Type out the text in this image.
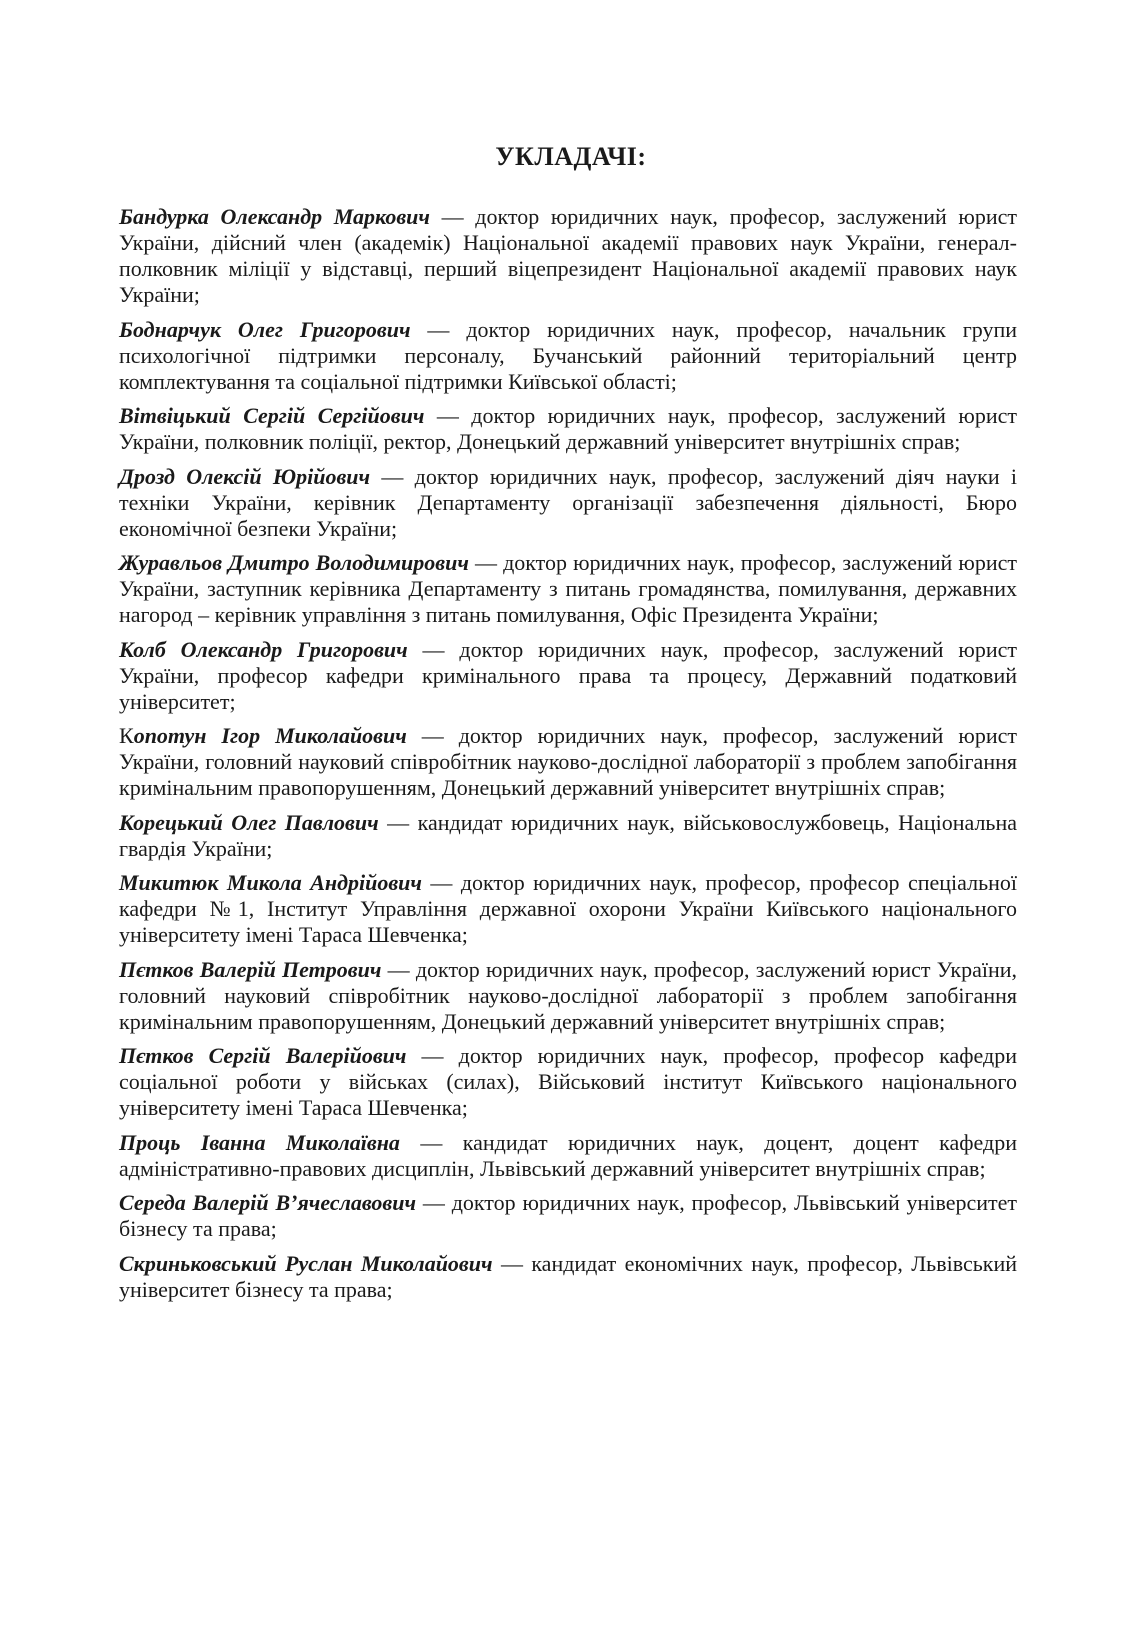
УКЛАДАЧІ:

Бандурка Олександр Маркович — доктор юридичних наук, професор, заслужений юрист України, дійсний член (академік) Національної академії правових наук України, генерал-полковник міліції у відставці, перший віцепрезидент Національної академії правових наук України;

Боднарчук Олег Григорович — доктор юридичних наук, професор, начальник групи психологічної підтримки персоналу, Бучанський районний територіальний центр комплектування та соціальної підтримки Київської області;

Вітвіцький Сергій Сергійович — доктор юридичних наук, професор, заслужений юрист України, полковник поліції, ректор, Донецький державний університет внутрішніх справ;

Дрозд Олексій Юрійович — доктор юридичних наук, професор, заслужений діяч науки і техніки України, керівник Департаменту організації забезпечення діяльності, Бюро економічної безпеки України;

Журавльов Дмитро Володимирович — доктор юридичних наук, професор, заслужений юрист України, заступник керівника Департаменту з питань громадянства, помилування, державних нагород – керівник управління з питань помилування, Офіс Президента України;

Колб Олександр Григорович — доктор юридичних наук, професор, заслужений юрист України, професор кафедри кримінального права та процесу, Державний податковий університет;

Копотун Ігор Миколайович — доктор юридичних наук, професор, заслужений юрист України, головний науковий співробітник науково-дослідної лабораторії з проблем запобігання кримінальним правопорушенням, Донецький державний університет внутрішніх справ;

Корецький Олег Павлович — кандидат юридичних наук, військовослужбовець, Національна гвардія України;

Микитюк Микола Андрійович — доктор юридичних наук, професор, професор спеціальної кафедри №1, Інститут Управління державної охорони України Київського національного університету імені Тараса Шевченка;

Пєтков Валерій Петрович — доктор юридичних наук, професор, заслужений юрист України, головний науковий співробітник науково-дослідної лабораторії з проблем запобігання кримінальним правопорушенням, Донецький державний університет внутрішніх справ;

Пєтков Сергій Валерійович — доктор юридичних наук, професор, професор кафедри соціальної роботи у військах (силах), Військовий інститут Київського національного університету імені Тараса Шевченка;

Проць Іванна Миколаївна — кандидат юридичних наук, доцент, доцент кафедри адміністративно-правових дисциплін, Львівський державний університет внутрішніх справ;

Середа Валерій В’ячеславович — доктор юридичних наук, професор, Львівський університет бізнесу та права;

Скриньковський Руслан Миколайович — кандидат економічних наук, професор, Львівський університет бізнесу та права;
